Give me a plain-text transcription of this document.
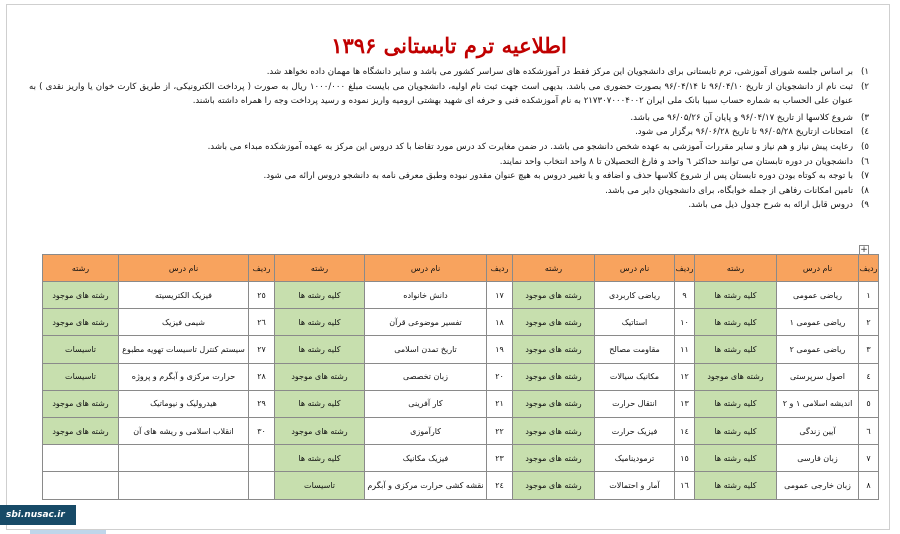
اطلاعیه ترم تابستانی ۱۳۹۶
۱)
بر اساس جلسه شورای آموزشی، ترم تابستانی برای دانشجویان این مرکز فقط در آموزشکده های سراسر کشور می باشد و سایر دانشگاه ها مهمان داده نخواهد شد.
۲)
ثبت نام از دانشجویان از تاریخ ۹۶/۰۴/۱۰ تا ۹۶/۰۴/۱۴ بصورت حضوری می باشد. بدیهی است جهت ثبت نام اولیه، دانشجویان می بایست مبلغ ۱۰۰۰/۰۰۰ ریال به صورت ( پرداخت الکترونیکی، از طریق کارت خوان یا واریز نقدی ) به عنوان علی الحساب به شماره حساب سیبا بانک ملی ایران ۲۱۷۳۰۷۰۰۰۴۰۰۲ به نام آموزشکده فنی و حرفه ای شهید بهشتی ارومیه واریز نموده و رسید پرداخت وجه را همراه داشته باشند.
۳)
شروع کلاسها از تاریخ ۹۶/۰۴/۱۷ و پایان آن ۹۶/۰۵/۲۶ می باشد.
٤)
امتحانات ازتاریخ ۹۶/۰۵/۲۸ تا تاریخ ۹۶/۰۶/۲۸ برگزار می شود.
٥)
رعایت پیش نیاز و هم نیاز و سایر مقررات آموزشی به عهده شخص دانشجو می باشد. در ضمن مغایرت کد درس مورد تقاضا با کد دروس این مرکز به عهده آموزشکده مبداء می باشد.
٦)
دانشجویان در دوره تابستان می توانند حداکثر ٦ واحد و فارغ التحصیلان تا ٨ واحد انتخاب واحد نمایند.
٧)
با توجه به کوتاه بودن دوره تابستان پس از شروع کلاسها حذف و اضافه و یا تغییر دروس به هیچ عنوان مقدور نبوده وطبق معرفی نامه به دانشجو دروس ارائه می شود.
۸)
تامین امکانات رفاهی از جمله خوابگاه، برای دانشجویان دایر می باشد.
۹)
دروس قابل ارائه به شرح جدول ذیل می باشد.
+
ردیف	نام درس	رشته	ردیف	نام درس	رشته	ردیف	نام درس	رشته	ردیف	نام درس	رشته
۱	ریاضی عمومی	کلیه رشته ها	۹	ریاضی کاربردی	رشته های موجود	۱۷	دانش خانواده	کلیه رشته ها	۲٥	فیزیک الکتریسیته	رشته های موجود
۲	ریاضی عمومی ۱	کلیه رشته ها	۱۰	استاتیک	رشته های موجود	۱۸	تفسیر موضوعی قرآن	کلیه رشته ها	۲٦	شیمی فیزیک	رشته های موجود
۳	ریاضی عمومی ۲	کلیه رشته ها	۱۱	مقاومت مصالح	رشته های موجود	۱۹	تاریخ تمدن اسلامی	کلیه رشته ها	۲۷	سیستم کنترل تاسیسات تهویه مطبوع	تاسیسات
٤	اصول سرپرستی	رشته های موجود	۱۲	مکانیک سیالات	رشته های موجود	۲۰	زبان تخصصی	رشته های موجود	۲۸	حرارت مرکزی و آبگرم و پروژه	تاسیسات
٥	اندیشه اسلامی ۱ و ۲	کلیه رشته ها	۱۳	انتقال حرارت	رشته های موجود	۲۱	کار آفرینی	کلیه رشته ها	۲۹	هیدرولیک و نیوماتیک	رشته های موجود
٦	آیین زندگی	کلیه رشته ها	۱٤	فیزیک حرارت	رشته های موجود	۲۲	کارآموزی	رشته های موجود	۳۰	انقلاب اسلامی و ریشه های آن	رشته های موجود
۷	زبان فارسی	کلیه رشته ها	۱٥	ترمودینامیک	رشته های موجود	۲۳	فیزیک مکانیک	کلیه رشته ها			
۸	زبان خارجی عمومی	کلیه رشته ها	۱٦	آمار و احتمالات	رشته های موجود	۲٤	نقشه کشی حرارت مرکزی و آبگرم	تاسیسات			
sbi.nusac.ir
